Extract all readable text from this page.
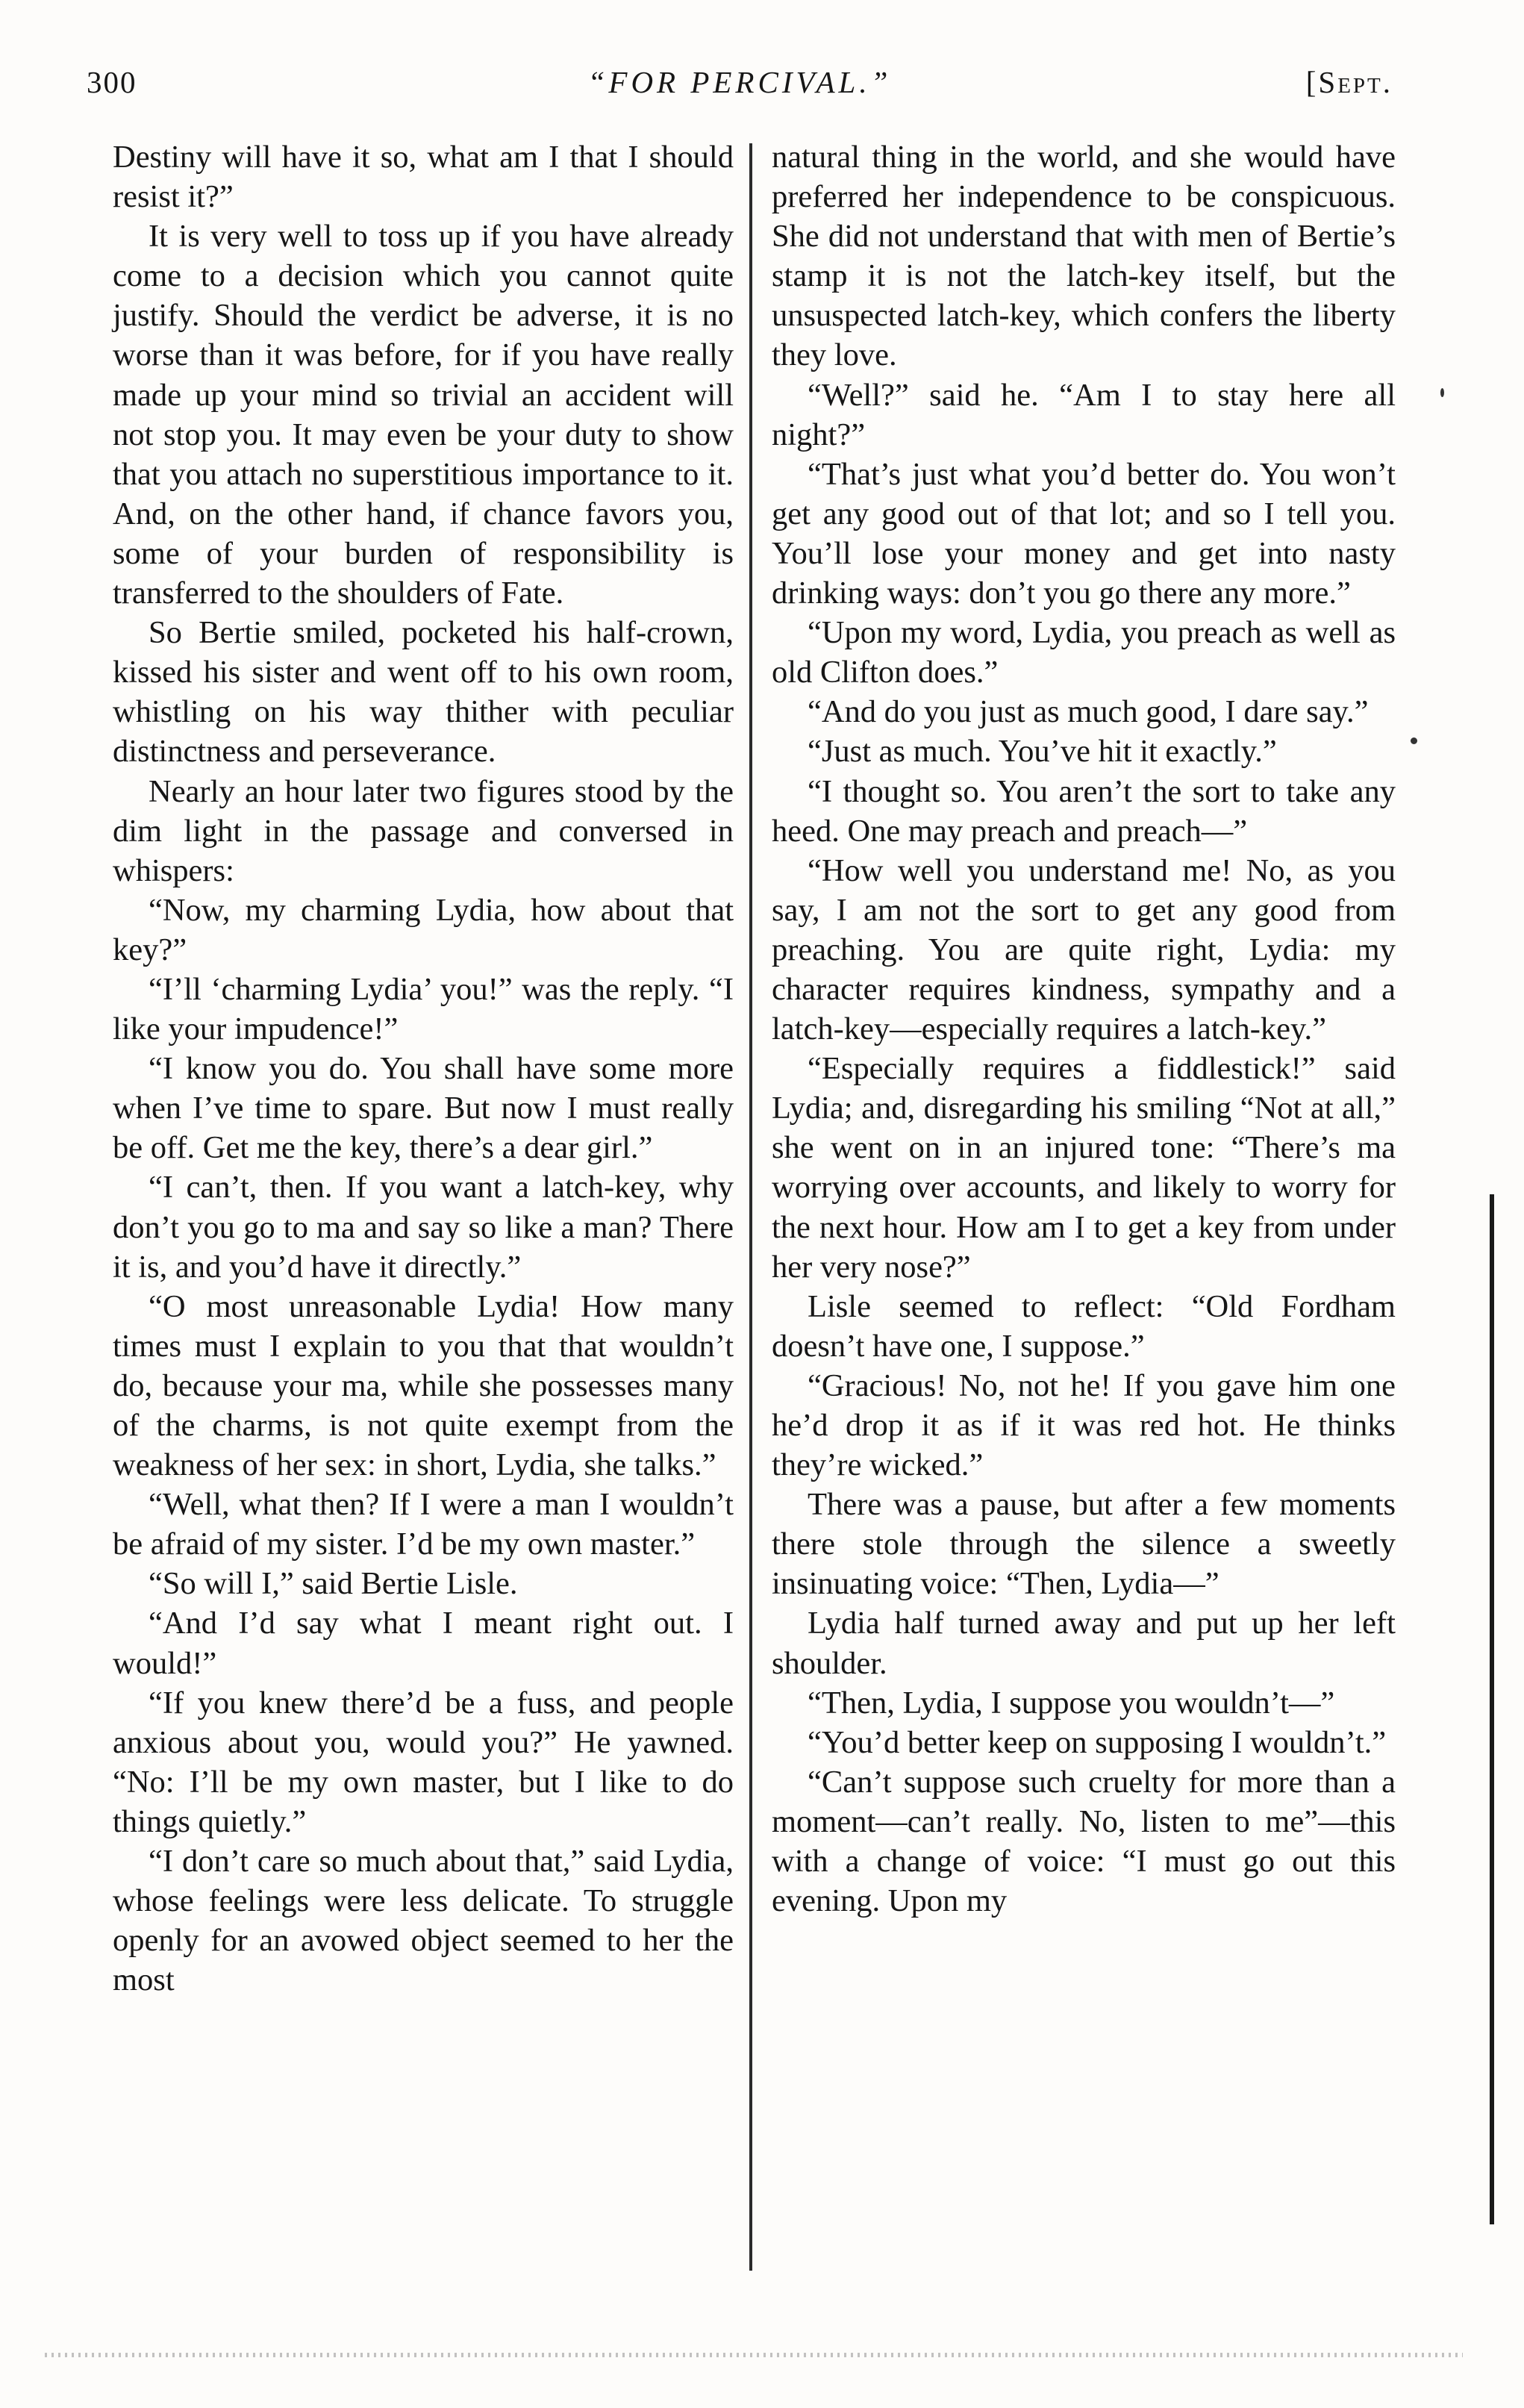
300	“FOR PERCIVAL.”	[Sept.

Destiny will have it so, what am I that I should resist it?”

It is very well to toss up if you have already come to a decision which you cannot quite justify. Should the verdict be adverse, it is no worse than it was before, for if you have really made up your mind so trivial an accident will not stop you. It may even be your duty to show that you attach no superstitious importance to it. And, on the other hand, if chance favors you, some of your burden of responsibility is transferred to the shoulders of Fate.

So Bertie smiled, pocketed his half-crown, kissed his sister and went off to his own room, whistling on his way thither with peculiar distinctness and perseverance.

Nearly an hour later two figures stood by the dim light in the passage and conversed in whispers:

“Now, my charming Lydia, how about that key?”

“I’ll ‘charming Lydia’ you!” was the reply. “I like your impudence!”

“I know you do. You shall have some more when I’ve time to spare. But now I must really be off. Get me the key, there’s a dear girl.”

“I can’t, then. If you want a latch-key, why don’t you go to ma and say so like a man? There it is, and you’d have it directly.”

“O most unreasonable Lydia! How many times must I explain to you that that wouldn’t do, because your ma, while she possesses many of the charms, is not quite exempt from the weakness of her sex: in short, Lydia, she talks.”

“Well, what then? If I were a man I wouldn’t be afraid of my sister. I’d be my own master.”

“So will I,” said Bertie Lisle.

“And I’d say what I meant right out. I would!”

“If you knew there’d be a fuss, and people anxious about you, would you?” He yawned. “No: I’ll be my own master, but I like to do things quietly.”

“I don’t care so much about that,” said Lydia, whose feelings were less delicate. To struggle openly for an avowed object seemed to her the most

natural thing in the world, and she would have preferred her independence to be conspicuous. She did not understand that with men of Bertie’s stamp it is not the latch-key itself, but the unsuspected latch-key, which confers the liberty they love.

“Well?” said he. “Am I to stay here all night?”

“That’s just what you’d better do. You won’t get any good out of that lot; and so I tell you. You’ll lose your money and get into nasty drinking ways: don’t you go there any more.”

“Upon my word, Lydia, you preach as well as old Clifton does.”

“And do you just as much good, I dare say.”

“Just as much. You’ve hit it exactly.”

“I thought so. You aren’t the sort to take any heed. One may preach and preach—”

“How well you understand me! No, as you say, I am not the sort to get any good from preaching. You are quite right, Lydia: my character requires kindness, sympathy and a latch-key—especially requires a latch-key.”

“Especially requires a fiddlestick!” said Lydia; and, disregarding his smiling “Not at all,” she went on in an injured tone: “There’s ma worrying over accounts, and likely to worry for the next hour. How am I to get a key from under her very nose?”

Lisle seemed to reflect: “Old Fordham doesn’t have one, I suppose.”

“Gracious! No, not he! If you gave him one he’d drop it as if it was red hot. He thinks they’re wicked.”

There was a pause, but after a few moments there stole through the silence a sweetly insinuating voice: “Then, Lydia—”

Lydia half turned away and put up her left shoulder.

“Then, Lydia, I suppose you wouldn’t—”

“You’d better keep on supposing I wouldn’t.”

“Can’t suppose such cruelty for more than a moment—can’t really. No, listen to me”—this with a change of voice: “I must go out this evening. Upon my
